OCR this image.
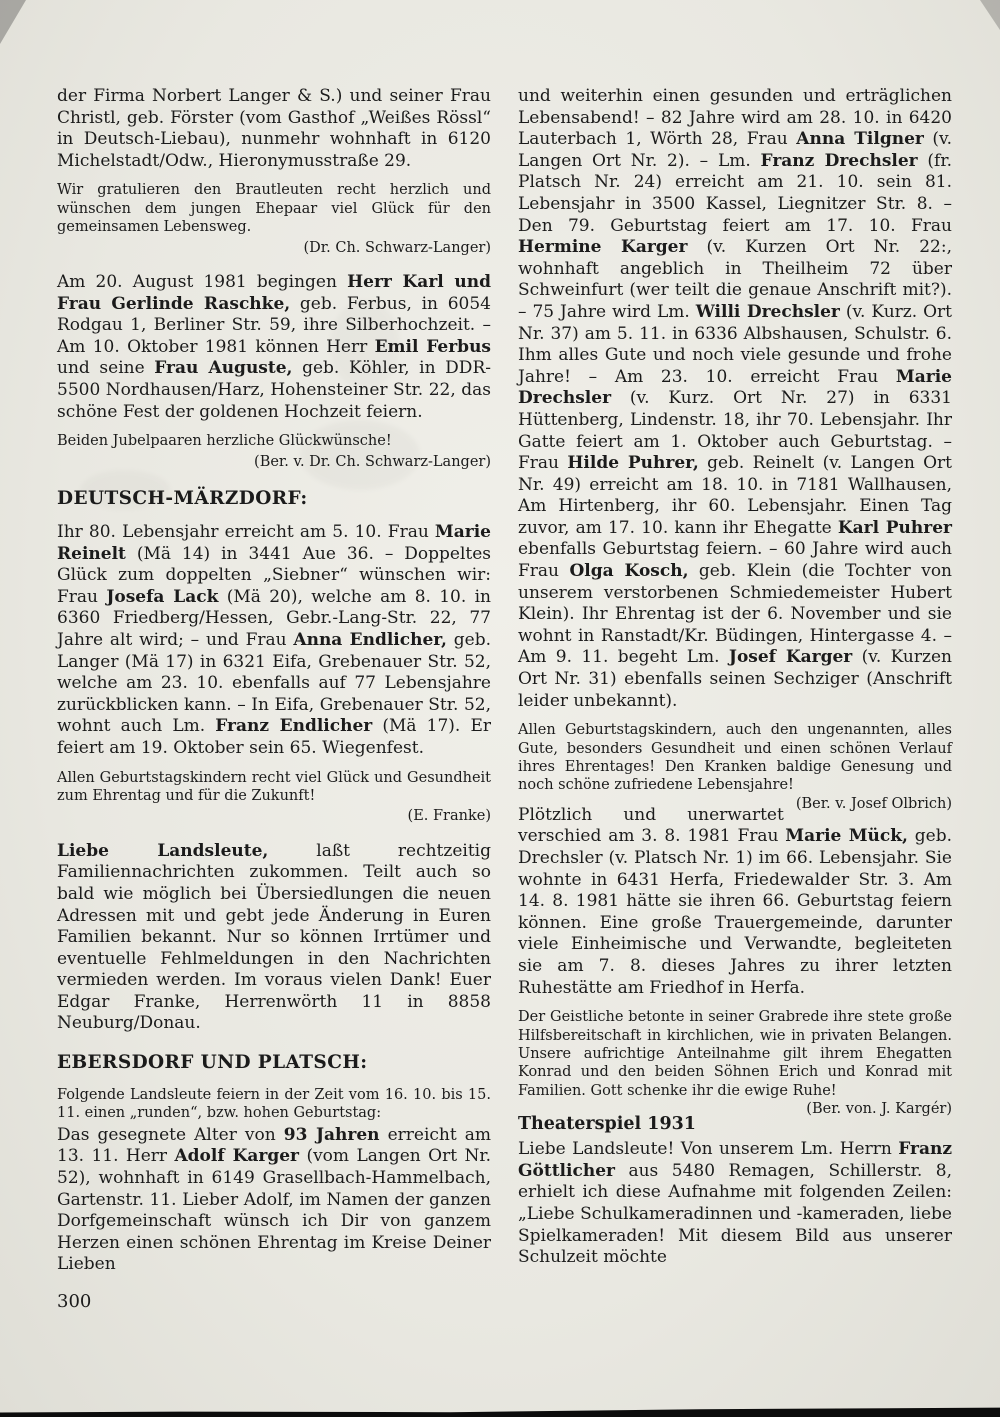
der Firma Norbert Langer & S.) und seiner Frau Christl, geb. Förster (vom Gasthof „Weißes Rössl“ in Deutsch-Liebau), nunmehr wohnhaft in 6120 Michelstadt/Odw., Hieronymusstraße 29.
Wir gratulieren den Brautleuten recht herzlich und wünschen dem jungen Ehepaar viel Glück für den gemeinsamen Lebensweg.
(Dr. Ch. Schwarz-Langer)
Am 20. August 1981 begingen Herr Karl und Frau Gerlinde Raschke, geb. Ferbus, in 6054 Rodgau 1, Berliner Str. 59, ihre Silberhochzeit. – Am 10. Oktober 1981 können Herr Emil Ferbus und seine Frau Auguste, geb. Köhler, in DDR-5500 Nordhausen/Harz, Hohensteiner Str. 22, das schöne Fest der goldenen Hochzeit feiern.
Beiden Jubelpaaren herzliche Glückwünsche!
(Ber. v. Dr. Ch. Schwarz-Langer)
DEUTSCH-MÄRZDORF:
Ihr 80. Lebensjahr erreicht am 5. 10. Frau Marie Reinelt (Mä 14) in 3441 Aue 36. – Doppeltes Glück zum doppelten „Siebner“ wünschen wir: Frau Josefa Lack (Mä 20), welche am 8. 10. in 6360 Friedberg/Hessen, Gebr.-Lang-Str. 22, 77 Jahre alt wird; – und Frau Anna Endlicher, geb. Langer (Mä 17) in 6321 Eifa, Grebenauer Str. 52, welche am 23. 10. ebenfalls auf 77 Lebensjahre zurückblicken kann. – In Eifa, Grebenauer Str. 52, wohnt auch Lm. Franz Endlicher (Mä 17). Er feiert am 19. Oktober sein 65. Wiegenfest.
Allen Geburtstagskindern recht viel Glück und Gesundheit zum Ehrentag und für die Zukunft!
(E. Franke)
Liebe Landsleute, laßt rechtzeitig Familiennachrichten zukommen. Teilt auch so bald wie möglich bei Übersiedlungen die neuen Adressen mit und gebt jede Änderung in Euren Familien bekannt. Nur so können Irrtümer und eventuelle Fehlmeldungen in den Nachrichten vermieden werden. Im voraus vielen Dank! Euer Edgar Franke, Herrenwörth 11 in 8858 Neuburg/Donau.
EBERSDORF UND PLATSCH:
Folgende Landsleute feiern in der Zeit vom 16. 10. bis 15. 11. einen „runden“, bzw. hohen Geburtstag:
Das gesegnete Alter von 93 Jahren erreicht am 13. 11. Herr Adolf Karger (vom Langen Ort Nr. 52), wohnhaft in 6149 Grasellbach-Hammelbach, Gartenstr. 11. Lieber Adolf, im Namen der ganzen Dorfgemeinschaft wünsch ich Dir von ganzem Herzen einen schönen Ehrentag im Kreise Deiner Lieben
und weiterhin einen gesunden und erträglichen Lebensabend! – 82 Jahre wird am 28. 10. in 6420 Lauterbach 1, Wörth 28, Frau Anna Tilgner (v. Langen Ort Nr. 2). – Lm. Franz Drechsler (fr. Platsch Nr. 24) erreicht am 21. 10. sein 81. Lebensjahr in 3500 Kassel, Liegnitzer Str. 8. – Den 79. Geburtstag feiert am 17. 10. Frau Hermine Karger (v. Kurzen Ort Nr. 22:, wohnhaft angeblich in Theilheim 72 über Schweinfurt (wer teilt die genaue Anschrift mit?). – 75 Jahre wird Lm. Willi Drechsler (v. Kurz. Ort Nr. 37) am 5. 11. in 6336 Albshausen, Schulstr. 6. Ihm alles Gute und noch viele gesunde und frohe Jahre! – Am 23. 10. erreicht Frau Marie Drechsler (v. Kurz. Ort Nr. 27) in 6331 Hüttenberg, Lindenstr. 18, ihr 70. Lebensjahr. Ihr Gatte feiert am 1. Oktober auch Geburtstag. – Frau Hilde Puhrer, geb. Reinelt (v. Langen Ort Nr. 49) erreicht am 18. 10. in 7181 Wallhausen, Am Hirtenberg, ihr 60. Lebensjahr. Einen Tag zuvor, am 17. 10. kann ihr Ehegatte Karl Puhrer ebenfalls Geburtstag feiern. – 60 Jahre wird auch Frau Olga Kosch, geb. Klein (die Tochter von unserem verstorbenen Schmiedemeister Hubert Klein). Ihr Ehrentag ist der 6. November und sie wohnt in Ranstadt/Kr. Büdingen, Hintergasse 4. – Am 9. 11. begeht Lm. Josef Karger (v. Kurzen Ort Nr. 31) ebenfalls seinen Sechziger (Anschrift leider unbekannt).
Allen Geburtstagskindern, auch den ungenannten, alles Gute, besonders Gesundheit und einen schönen Verlauf ihres Ehrentages! Den Kranken baldige Genesung und noch schöne zufriedene Lebensjahre!
(Ber. v. Josef Olbrich)
Plötzlich und unerwartet verschied am 3. 8. 1981 Frau Marie Mück, geb. Drechsler (v. Platsch Nr. 1) im 66. Lebensjahr. Sie wohnte in 6431 Herfa, Friedewalder Str. 3. Am 14. 8. 1981 hätte sie ihren 66. Geburtstag feiern können. Eine große Trauergemeinde, darunter viele Einheimische und Verwandte, begleiteten sie am 7. 8. dieses Jahres zu ihrer letzten Ruhestätte am Friedhof in Herfa.
Der Geistliche betonte in seiner Grabrede ihre stete große Hilfsbereitschaft in kirchlichen, wie in privaten Belangen. Unsere aufrichtige Anteilnahme gilt ihrem Ehegatten Konrad und den beiden Söhnen Erich und Konrad mit Familien. Gott schenke ihr die ewige Ruhe!
(Ber. von. J. Kargér)
Theaterspiel 1931
Liebe Landsleute! Von unserem Lm. Herrn Franz Göttlicher aus 5480 Remagen, Schillerstr. 8, erhielt ich diese Aufnahme mit folgenden Zeilen: „Liebe Schulkameradinnen und -kameraden, liebe Spielkameraden! Mit diesem Bild aus unserer Schulzeit möchte
300
